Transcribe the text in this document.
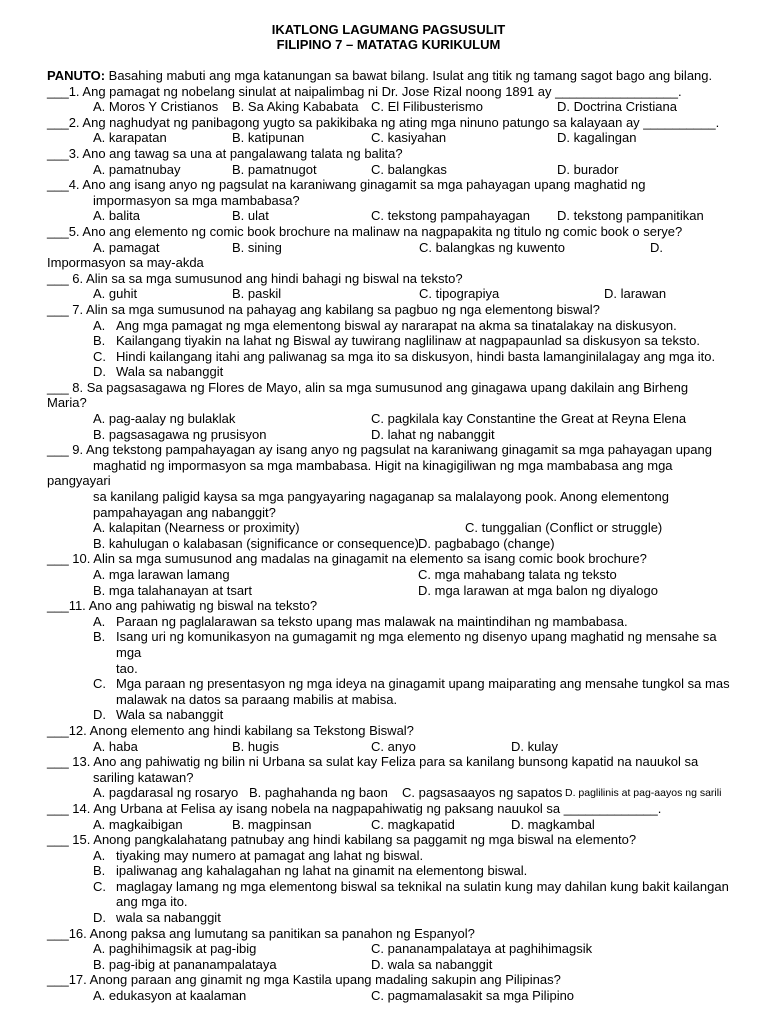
IKATLONG LAGUMANG PAGSUSULIT
FILIPINO 7 – MATATAG KURIKULUM
PANUTO: Basahing mabuti ang mga katanungan sa bawat bilang. Isulat ang titik ng tamang sagot bago ang bilang.
___1. Ang pamagat ng nobelang sinulat at naipalimbag ni Dr. Jose Rizal noong 1891 ay _________________.
A. Moros Y Cristianos B. Sa Aking Kababata C. El Filibusterismo	D. Doctrina Cristiana
___2. Ang naghudyat ng panibagong yugto sa pakikibaka ng ating mga ninuno patungo sa kalayaan ay __________.
A. karapatan	B. katipunan	C. kasiyahan	D. kagalingan
___3. Ano ang tawag sa una at pangalawang talata ng balita?
A. pamatnubay	B. pamatnugot	C. balangkas	D. burador
___4. Ano ang isang anyo ng pagsulat na karaniwang ginagamit sa mga pahayagan upang maghatid ng
impormasyon sa mga mambabasa?
A. balita	B. ulat	C. tekstong pampahayagan D. tekstong pampanitikan
___5. Ano ang elemento ng comic book brochure na malinaw na nagpapakita ng titulo ng comic book o serye?
A. pamagat	B. sining	C. balangkas ng kuwento	D.
Impormasyon sa may-akda
___ 6. Alin sa sa mga sumusunod ang hindi bahagi ng biswal na teksto?
A. guhit	B. paskil	C. tipograpiya	D. larawan
___ 7. Alin sa mga sumusunod na pahayag ang kabilang sa pagbuo ng nga elementong biswal?
A. Ang mga pamagat ng mga elementong biswal ay nararapat na akma sa tinatalakay na diskusyon.
B. Kailangang tiyakin na lahat ng Biswal ay tuwirang naglilinaw at nagpapaunlad sa diskusyon sa teksto.
C. Hindi kailangang itahi ang paliwanag sa mga ito sa diskusyon, hindi basta lamanginilalagay ang mga ito.
D. Wala sa nabanggit
___ 8. Sa pagsasagawa ng Flores de Mayo, alin sa mga sumusunod ang ginagawa upang dakilain ang Birheng Maria?
A. pag-aalay ng bulaklak	C. pagkilala kay Constantine the Great at Reyna Elena
B. pagsasagawa ng prusisyon	D. lahat ng nabanggit
___ 9. Ang tekstong pampahayagan ay isang anyo ng pagsulat na karaniwang ginagamit sa mga pahayagan upang
maghatid ng impormasyon sa mga mambabasa. Higit na kinagigiliwan ng mga mambabasa ang mga
pangyayari
sa kanilang paligid kaysa sa mga pangyayaring nagaganap sa malalayong pook. Anong elementong
pampahayagan ang nabanggit?
A. kalapitan (Nearness or proximity)	C. tunggalian (Conflict or struggle)
B. kahulugan o kalabasan (significance or consequence) D. pagbabago (change)
___ 10. Alin sa mga sumusunod ang madalas na ginagamit na elemento sa isang comic book brochure?
A. mga larawan lamang	C. mga mahabang talata ng teksto
B. mga talahanayan at tsart	D. mga larawan at mga balon ng diyalogo
___11. Ano ang pahiwatig ng biswal na teksto?
A. Paraan ng paglalarawan sa teksto upang mas malawak na maintindihan ng mambabasa.
B. Isang uri ng komunikasyon na gumagamit ng mga elemento ng disenyo upang maghatid ng mensahe sa mga
tao.
C. Mga paraan ng presentasyon ng mga ideya na ginagamit upang maiparating ang mensahe tungkol sa mas
malawak na datos sa paraang mabilis at mabisa.
D. Wala sa nabanggit
___12. Anong elemento ang hindi kabilang sa Tekstong Biswal?
A. haba	B. hugis	C. anyo	D. kulay
___ 13. Ano ang pahiwatig ng bilin ni Urbana sa sulat kay Feliza para sa kanilang bunsong kapatid na nauukol sa
sariling katawan?
A. pagdarasal ng rosaryo B. paghahanda ng baon C. pagsasaayos ng sapatos D. paglilinis at pag-aayos ng sarili
___ 14. Ang Urbana at Felisa ay isang nobela na nagpapahiwatig ng paksang nauukol sa _____________.
A. magkaibigan	B. magpinsan	C. magkapatid	D. magkambal
___ 15. Anong pangkalahatang patnubay ang hindi kabilang sa paggamit ng mga biswal na elemento?
A. tiyaking may numero at pamagat ang lahat ng biswal.
B. ipaliwanag ang kahalagahan ng lahat na ginamit na elementong biswal.
C. maglagay lamang ng mga elementong biswal sa teknikal na sulatin kung may dahilan kung bakit kailangan
ang mga ito.
D. wala sa nabanggit
___16. Anong paksa ang lumutang sa panitikan sa panahon ng Espanyol?
A. paghihimagsik at pag-ibig	C. pananampalataya at paghihimagsik
B. pag-ibig at pananampalataya	D. wala sa nabanggit
___17. Anong paraan ang ginamit ng mga Kastila upang madaling sakupin ang Pilipinas?
A. edukasyon at kaalaman	C. pagmamalasakit sa mga Pilipino
